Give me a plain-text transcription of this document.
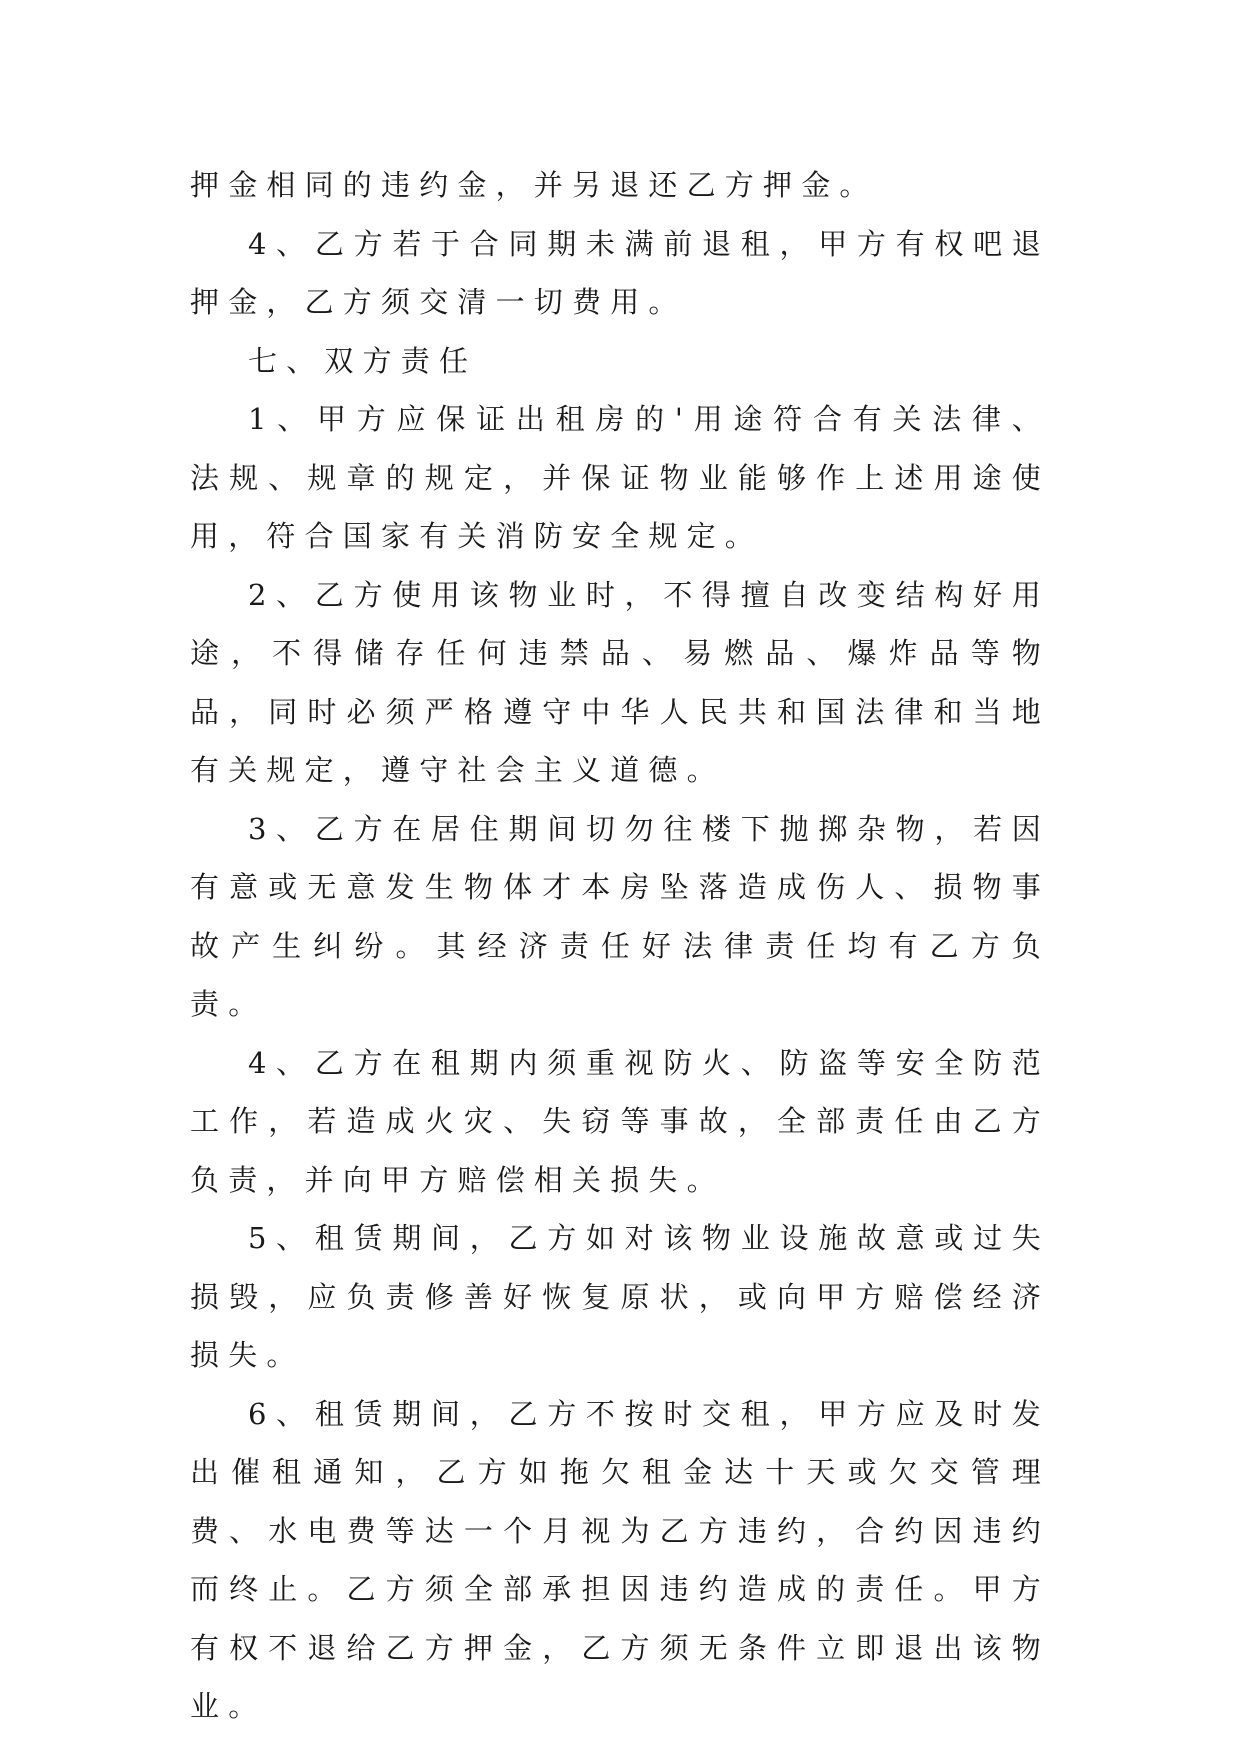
押金相同的违约金，并另退还乙方押金。

4、乙方若于合同期未满前退租，甲方有权吧退押金，乙方须交清一切费用。

七、双方责任

1、甲方应保证出租房的'用途符合有关法律、法规、规章的规定，并保证物业能够作上述用途使用，符合国家有关消防安全规定。

2、乙方使用该物业时，不得擅自改变结构好用途，不得储存任何违禁品、易燃品、爆炸品等物品，同时必须严格遵守中华人民共和国法律和当地有关规定，遵守社会主义道德。

3、乙方在居住期间切勿往楼下抛掷杂物，若因有意或无意发生物体才本房坠落造成伤人、损物事故产生纠纷。其经济责任好法律责任均有乙方负责。

4、乙方在租期内须重视防火、防盗等安全防范工作，若造成火灾、失窃等事故，全部责任由乙方负责，并向甲方赔偿相关损失。

5、租赁期间，乙方如对该物业设施故意或过失损毁，应负责修善好恢复原状，或向甲方赔偿经济损失。

6、租赁期间，乙方不按时交租，甲方应及时发出催租通知，乙方如拖欠租金达十天或欠交管理费、水电费等达一个月视为乙方违约，合约因违约而终止。乙方须全部承担因违约造成的责任。甲方有权不退给乙方押金，乙方须无条件立即退出该物业。
